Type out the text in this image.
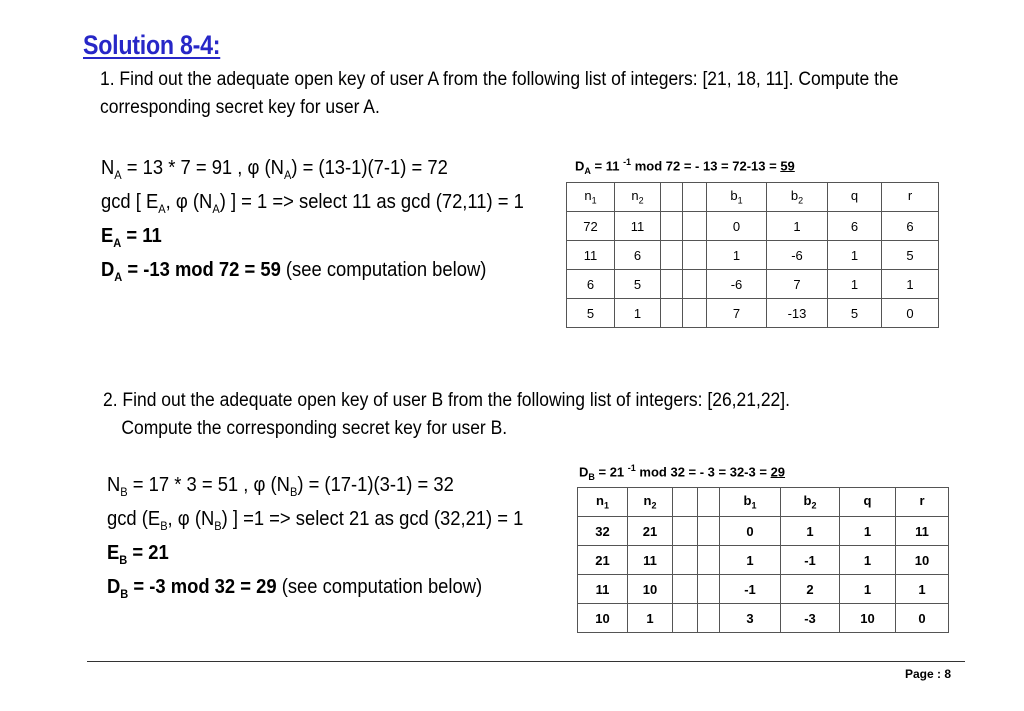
Solution 8-4:
1. Find out the adequate open key of user A from the following list of integers: [21, 18, 11]. Compute the
corresponding secret key for user A.
$N_A = 13 * 7 = 91$ , φ $(N_A) = (13-1)(7-1) = 72$
gcd [ $E_A$, φ $(N_A)$ ] = 1 => select 11 as gcd (72,11) = 1
$E_A = 11$
$D_A = -13$ mod 72 = 59 (see computation below)
$D_A = 11$ $^{-1}$ mod 72 = - 13 = 72-13 = 59
$n_1$	$n_2$			$b_1$	$b_2$	q	r
72	11			0	1	6	6
11	6			1	-6	1	5
6	5			-6	7	1	1
5	1			7	-13	5	0
2. Find out the adequate open key of user B from the following list of integers: [26,21,22].

Compute the corresponding secret key for user B.
$D_B = 21$ $^{-1}$ mod 32 = - 3 = 32-3 = 29
$N_B = 17 * 3 = 51$ , φ $(N_B) = (17-1)(3-1) = 32$
$\gcd (E_B$, φ $(N_B)$ ] =1 => select 21 as gcd (32,21) = 1
$E_B = 21$
$D_B = -3$ mod 32 = 29 (see computation below)
$n_1$	$n_2$			$b_1$	$b_2$	q	r
32	21			0	1	1	11
21	11			1	-1	1	10
11	10			-1	2	1	1
10	1			3	-3	10	0
Page : 8
